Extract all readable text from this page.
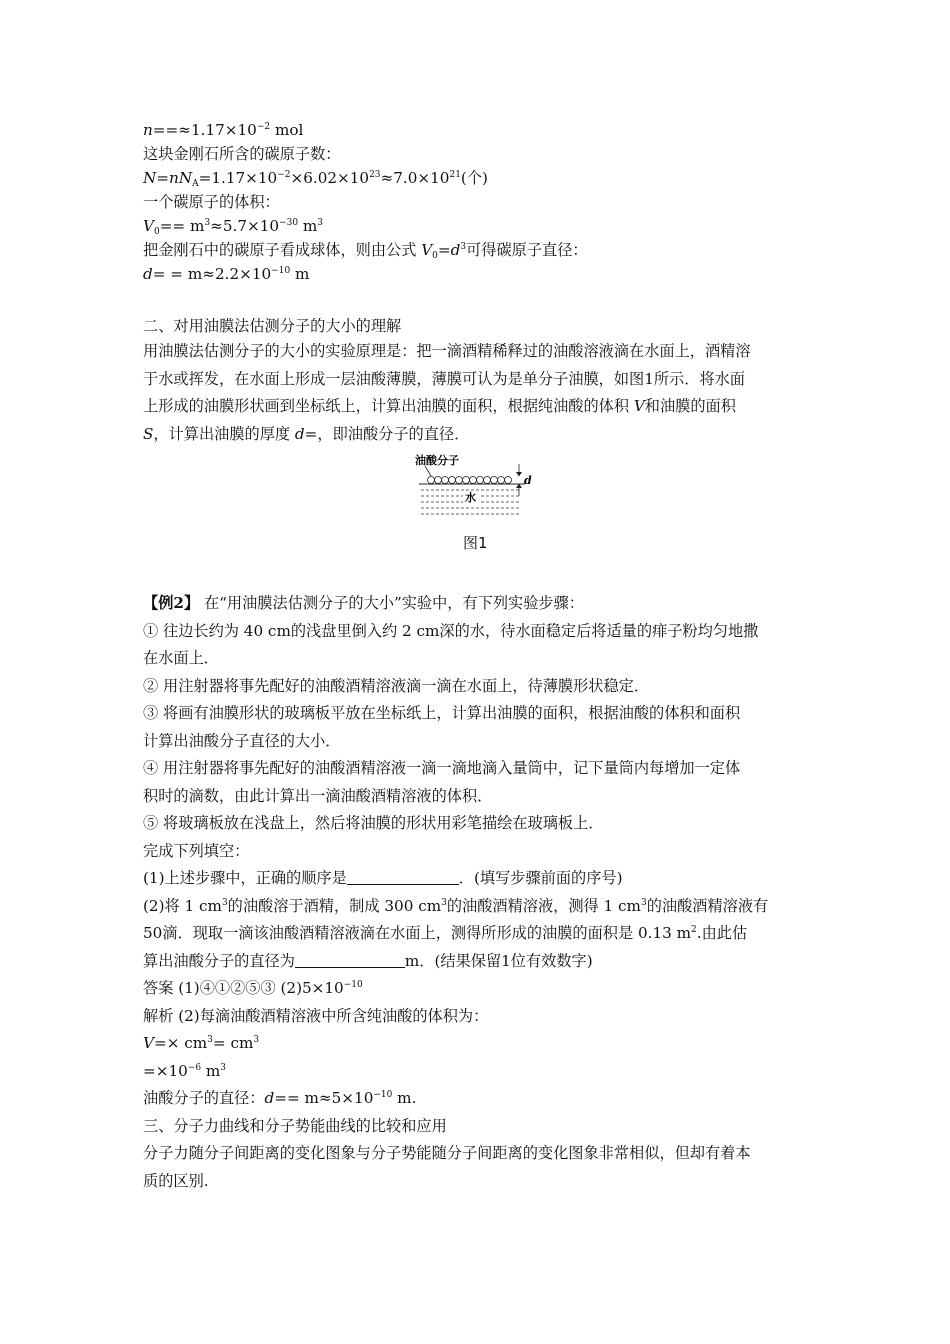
$n==\approx 1.17\times 10^{-2}$ mol
这块金刚石所含的碳原子数：
$N=nN_A=1.17\times 10^{-2}\times 6.02\times 10^{23}\approx 7.0\times 10^{21}$(个)
一个碳原子的体积：
$V_0== m^3\approx 5.7\times 10^{-30}$ $m^3$
把金刚石中的碳原子看成球体，则由公式 $V_0=d^3$可得碳原子直径：
$d= = m\approx 2.2\times 10^{-10}$ m
二、对用油膜法估测分子的大小的理解
用油膜法估测分子的大小的实验原理是：把一滴酒精稀释过的油酸溶液滴在水面上，酒精溶
于水或挥发，在水面上形成一层油酸薄膜，薄膜可认为是单分子油膜，如图1所示．将水面
上形成的油膜形状画到坐标纸上，计算出油膜的面积，根据纯油酸的体积 V和油膜的面积
S，计算出油膜的厚度 d=，即油酸分子的直径．
油酸分子
d
水
图1
【例2】 在“用油膜法估测分子的大小”实验中，有下列实验步骤：
① 往边长约为 40 cm的浅盘里倒入约 2 cm深的水，待水面稳定后将适量的痱子粉均匀地撒
在水面上．
② 用注射器将事先配好的油酸酒精溶液滴一滴在水面上，待薄膜形状稳定．
③ 将画有油膜形状的玻璃板平放在坐标纸上，计算出油膜的面积，根据油酸的体积和面积
计算出油酸分子直径的大小．
④ 用注射器将事先配好的油酸酒精溶液一滴一滴地滴入量筒中，记下量筒内每增加一定体
积时的滴数，由此计算出一滴油酸酒精溶液的体积．
⑤ 将玻璃板放在浅盘上，然后将油膜的形状用彩笔描绘在玻璃板上．
完成下列填空：
(1)上述步骤中，正确的顺序是	．(填写步骤前面的序号)
(2)将 1 $cm^3$的油酸溶于酒精，制成 300 $cm^3$的油酸酒精溶液，测得 1 $cm^3$的油酸酒精溶液有
50滴．现取一滴该油酸酒精溶液滴在水面上，测得所形成的油膜的面积是 0.13 $m^2$.由此估
算出油酸分子的直径为	m．(结果保留1位有效数字)
答案 (1)④①②⑤③ $(2)5\times 10^{-10}$
解析 (2)每滴油酸酒精溶液中所含纯油酸的体积为：
$V=\times cm^3= cm^3$
$=\times 10^{-6}$ $m^3$
油酸分子的直径：$d== m\approx 5\times 10^{-10}$ m.
三、分子力曲线和分子势能曲线的比较和应用
分子力随分子间距离的变化图象与分子势能随分子间距离的变化图象非常相似，但却有着本
质的区别.
